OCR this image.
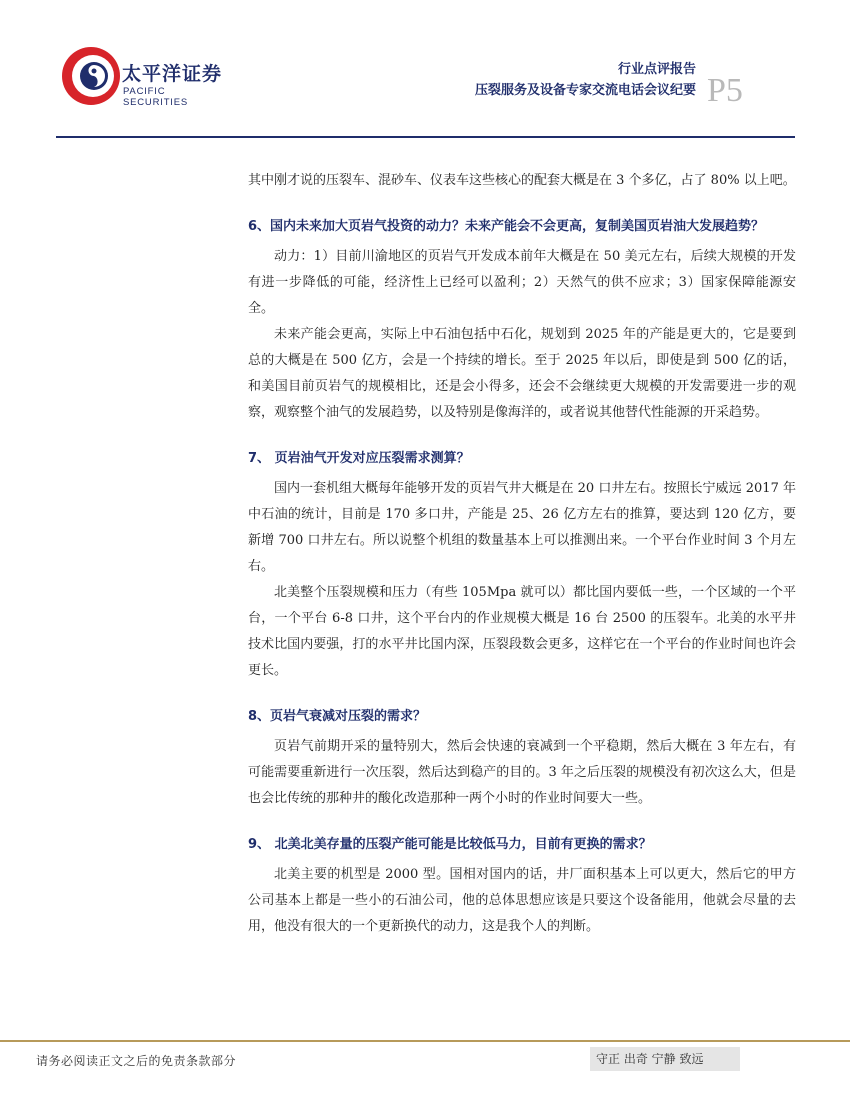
太平洋证券
PACIFIC SECURITIES
行业点评报告
压裂服务及设备专家交流电话会议纪要 P5

其中刚才说的压裂车、混砂车、仪表车这些核心的配套大概是在 3 个多亿，占了 80% 以上吧。

6、国内未来加大页岩气投资的动力？未来产能会不会更高，复制美国页岩油大发展趋势？

动力：1）目前川渝地区的页岩气开发成本前年大概是在 50 美元左右，后续大规模的开发有进一步降低的可能，经济性上已经可以盈利；2）天然气的供不应求；3）国家保障能源安全。

未来产能会更高，实际上中石油包括中石化，规划到 2025 年的产能是更大的，它是要到总的大概是在 500 亿方，会是一个持续的增长。至于 2025 年以后，即使是到 500 亿的话，和美国目前页岩气的规模相比，还是会小得多，还会不会继续更大规模的开发需要进一步的观察，观察整个油气的发展趋势，以及特别是像海洋的，或者说其他替代性能源的开采趋势。

7、 页岩油气开发对应压裂需求测算？

国内一套机组大概每年能够开发的页岩气井大概是在 20 口井左右。按照长宁威远 2017 年中石油的统计，目前是 170 多口井，产能是 25、26 亿方左右的推算，要达到 120 亿方，要新增 700 口井左右。所以说整个机组的数量基本上可以推测出来。一个平台作业时间 3 个月左右。

北美整个压裂规模和压力（有些 105Mpa 就可以）都比国内要低一些，一个区域的一个平台，一个平台 6-8 口井，这个平台内的作业规模大概是 16 台 2500 的压裂车。北美的水平井技术比国内要强，打的水平井比国内深，压裂段数会更多，这样它在一个平台的作业时间也许会更长。

8、页岩气衰减对压裂的需求？

页岩气前期开采的量特别大，然后会快速的衰减到一个平稳期，然后大概在 3 年左右，有可能需要重新进行一次压裂，然后达到稳产的目的。3 年之后压裂的规模没有初次这么大，但是也会比传统的那种井的酸化改造那种一两个小时的作业时间要大一些。

9、 北美北美存量的压裂产能可能是比较低马力，目前有更换的需求？

北美主要的机型是 2000 型。国相对国内的话，井厂面积基本上可以更大，然后它的甲方公司基本上都是一些小的石油公司，他的总体思想应该是只要这个设备能用，他就会尽量的去用，他没有很大的一个更新换代的动力，这是我个人的判断。

请务必阅读正文之后的免责条款部分	守正 出奇 宁静 致远
